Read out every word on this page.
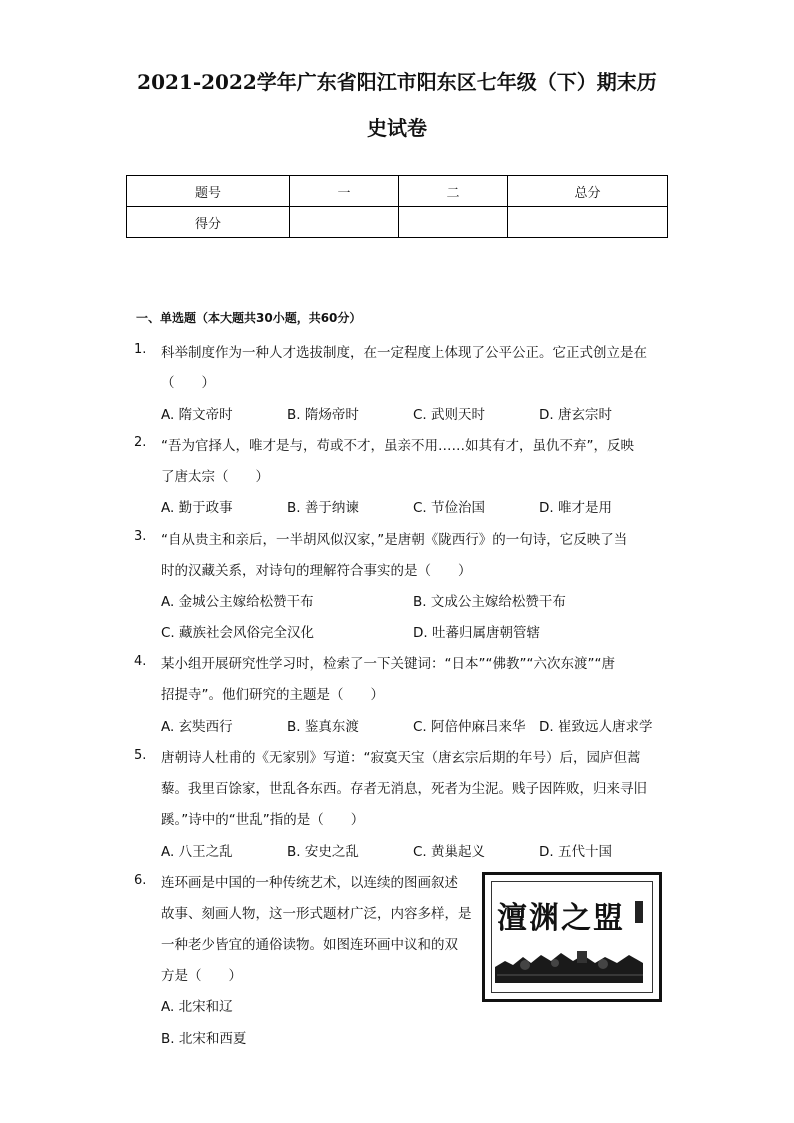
2021-2022学年广东省阳江市阳东区七年级（下）期末历
史试卷
题号	一	二	总分
得分			
一、单选题（本大题共30小题，共60分）
1. 科举制度作为一种人才选拔制度，在一定程度上体现了公平公正。它正式创立是在
（　　）
A. 隋文帝时	B. 隋炀帝时	C. 武则天时	D. 唐玄宗时
2. “吾为官择人，唯才是与，苟或不才，虽亲不用……如其有才，虽仇不弃”，反映
了唐太宗（　　）
A. 勤于政事	B. 善于纳谏	C. 节俭治国	D. 唯才是用
3. “自从贵主和亲后，一半胡风似汉家，”是唐朝《陇西行》的一句诗，它反映了当
时的汉藏关系，对诗句的理解符合事实的是（　　）
A. 金城公主嫁给松赞干布	B. 文成公主嫁给松赞干布
C. 藏族社会风俗完全汉化	D. 吐蕃归属唐朝管辖
4. 某小组开展研究性学习时，检索了一下关键词：“日本”“佛教”“六次东渡”“唐
招提寺”。他们研究的主题是（　　）
A. 玄奘西行	B. 鉴真东渡	C. 阿倍仲麻吕来华 D. 崔致远人唐求学
5. 唐朝诗人杜甫的《无家别》写道：“寂寞天宝（唐玄宗后期的年号）后，园庐但蒿
藜。我里百馀家，世乱各东西。存者无消息，死者为尘泥。贱子因阵败，归来寻旧
蹊。”诗中的“世乱”指的是（　　）
A. 八王之乱	B. 安史之乱	C. 黄巢起义	D. 五代十国
6. 连环画是中国的一种传统艺术，以连续的图画叙述
故事、刻画人物，这一形式题材广泛，内容多样，是
一种老少皆宜的通俗读物。如图连环画中议和的双
方是（　　）
A. 北宋和辽
B. 北宋和西夏
澶渊之盟
